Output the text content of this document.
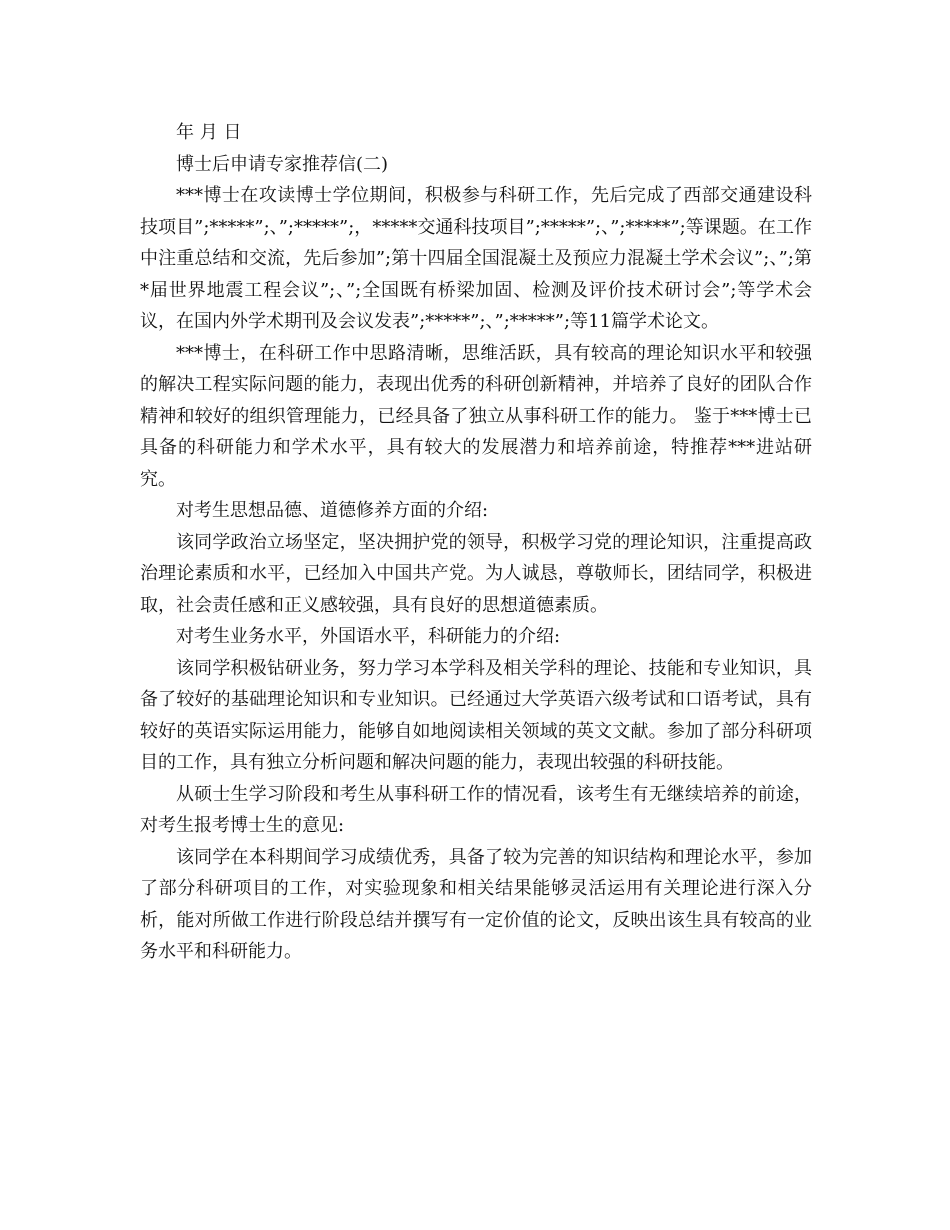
年 月 日

博士后申请专家推荐信(二)

***博士在攻读博士学位期间，积极参与科研工作，先后完成了西部交通建设科技项目”;*****”;、”;*****”;，*****交通科技项目”;*****”;、”;*****”;等课题。在工作中注重总结和交流，先后参加”;第十四届全国混凝土及预应力混凝土学术会议”;、”;第*届世界地震工程会议”;、”;全国既有桥梁加固、检测及评价技术研讨会”;等学术会议，在国内外学术期刊及会议发表”;*****”;、”;*****”;等11篇学术论文。

***博士，在科研工作中思路清晰，思维活跃，具有较高的理论知识水平和较强的解决工程实际问题的能力，表现出优秀的科研创新精神，并培养了良好的团队合作精神和较好的组织管理能力，已经具备了独立从事科研工作的能力。 鉴于***博士已具备的科研能力和学术水平，具有较大的发展潜力和培养前途，特推荐***进站研究。

对考生思想品德、道德修养方面的介绍:

该同学政治立场坚定，坚决拥护党的领导，积极学习党的理论知识，注重提高政治理论素质和水平，已经加入中国共产党。为人诚恳，尊敬师长，团结同学，积极进取，社会责任感和正义感较强，具有良好的思想道德素质。

对考生业务水平，外国语水平，科研能力的介绍:

该同学积极钻研业务，努力学习本学科及相关学科的理论、技能和专业知识，具备了较好的基础理论知识和专业知识。已经通过大学英语六级考试和口语考试，具有较好的英语实际运用能力，能够自如地阅读相关领域的英文文献。参加了部分科研项目的工作，具有独立分析问题和解决问题的能力，表现出较强的科研技能。

从硕士生学习阶段和考生从事科研工作的情况看，该考生有无继续培养的前途，对考生报考博士生的意见:

该同学在本科期间学习成绩优秀，具备了较为完善的知识结构和理论水平，参加了部分科研项目的工作，对实验现象和相关结果能够灵活运用有关理论进行深入分析，能对所做工作进行阶段总结并撰写有一定价值的论文，反映出该生具有较高的业务水平和科研能力。
